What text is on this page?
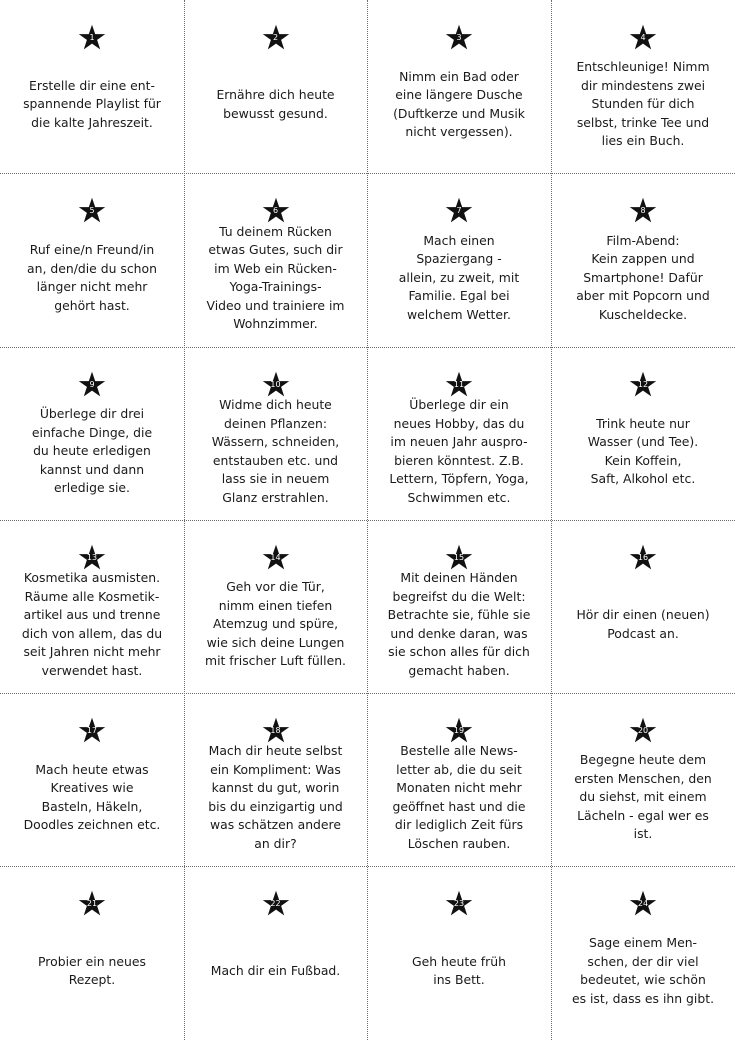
1
Erstelle dir eine ent-
spannende Playlist für
die kalte Jahreszeit.
2
Ernähre dich heute
bewusst gesund.
3
Nimm ein Bad oder
eine längere Dusche
(Duftkerze und Musik
nicht vergessen).
4
Entschleunige! Nimm
dir mindestens zwei
Stunden für dich
selbst, trinke Tee und
lies ein Buch.
5
Ruf eine/n Freund/in
an, den/die du schon
länger nicht mehr
gehört hast.
6
Tu deinem Rücken
etwas Gutes, such dir
im Web ein Rücken-
Yoga-Trainings-
Video und trainiere im
Wohnzimmer.
7
Mach einen
Spaziergang -
allein, zu zweit, mit
Familie. Egal bei
welchem Wetter.
8
Film-Abend:
Kein zappen und
Smartphone! Dafür
aber mit Popcorn und
Kuscheldecke.
9
Überlege dir drei
einfache Dinge, die
du heute erledigen
kannst und dann
erledige sie.
10
Widme dich heute
deinen Pflanzen:
Wässern, schneiden,
entstauben etc. und
lass sie in neuem
Glanz erstrahlen.
11
Überlege dir ein
neues Hobby, das du
im neuen Jahr auspro-
bieren könntest. Z.B.
Lettern, Töpfern, Yoga,
Schwimmen etc.
12
Trink heute nur
Wasser (und Tee).
Kein Koffein,
Saft, Alkohol etc.
13
Kosmetika ausmisten.
Räume alle Kosmetik-
artikel aus und trenne
dich von allem, das du
seit Jahren nicht mehr
verwendet hast.
14
Geh vor die Tür,
nimm einen tiefen
Atemzug und spüre,
wie sich deine Lungen
mit frischer Luft füllen.
15
Mit deinen Händen
begreifst du die Welt:
Betrachte sie, fühle sie
und denke daran, was
sie schon alles für dich
gemacht haben.
16
Hör dir einen (neuen)
Podcast an.
17
Mach heute etwas
Kreatives wie
Basteln, Häkeln,
Doodles zeichnen etc.
18
Mach dir heute selbst
ein Kompliment: Was
kannst du gut, worin
bis du einzigartig und
was schätzen andere
an dir?
19
Bestelle alle News-
letter ab, die du seit
Monaten nicht mehr
geöffnet hast und die
dir lediglich Zeit fürs
Löschen rauben.
20
Begegne heute dem
ersten Menschen, den
du siehst, mit einem
Lächeln - egal wer es
ist.
21
Probier ein neues
Rezept.
22
Mach dir ein Fußbad.
23
Geh heute früh
ins Bett.
24
Sage einem Men-
schen, der dir viel
bedeutet, wie schön
es ist, dass es ihn gibt.
